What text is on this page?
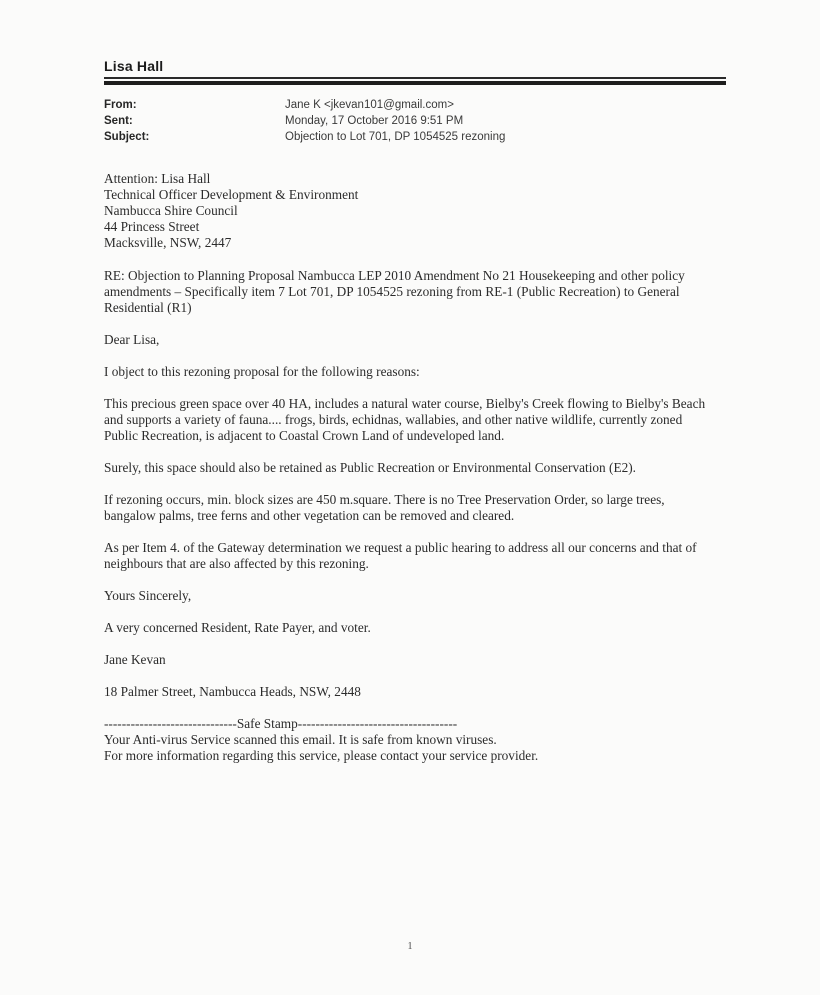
Lisa Hall
From:	Jane K <jkevan101@gmail.com>
Sent:	Monday, 17 October 2016 9:51 PM
Subject:	Objection to Lot 701, DP 1054525 rezoning
Attention: Lisa Hall
Technical Officer Development & Environment
Nambucca Shire Council
44 Princess Street
Macksville, NSW, 2447

RE: Objection to Planning Proposal Nambucca LEP 2010 Amendment No 21 Housekeeping and other policy amendments – Specifically item 7 Lot 701, DP 1054525 rezoning from RE-1 (Public Recreation) to General Residential (R1)

Dear Lisa,

I object to this rezoning proposal for the following reasons:

This precious green space over 40 HA, includes a natural water course, Bielby's Creek flowing to Bielby's Beach and supports a variety of fauna.... frogs, birds, echidnas, wallabies, and other native wildlife, currently zoned Public Recreation, is adjacent to Coastal Crown Land of undeveloped land.

Surely, this space should also be retained as Public Recreation or Environmental Conservation (E2).

If rezoning occurs, min. block sizes are 450 m.square. There is no Tree Preservation Order, so large trees, bangalow palms, tree ferns and other vegetation can be removed and cleared.

As per Item 4. of the Gateway determination we request a public hearing to address all our concerns and that of neighbours that are also affected by this rezoning.

Yours Sincerely,

A very concerned Resident, Rate Payer, and voter.

Jane Kevan

18 Palmer Street, Nambucca Heads, NSW, 2448

------------------------------Safe Stamp------------------------------------
Your Anti-virus Service scanned this email. It is safe from known viruses.
For more information regarding this service, please contact your service provider.
1
